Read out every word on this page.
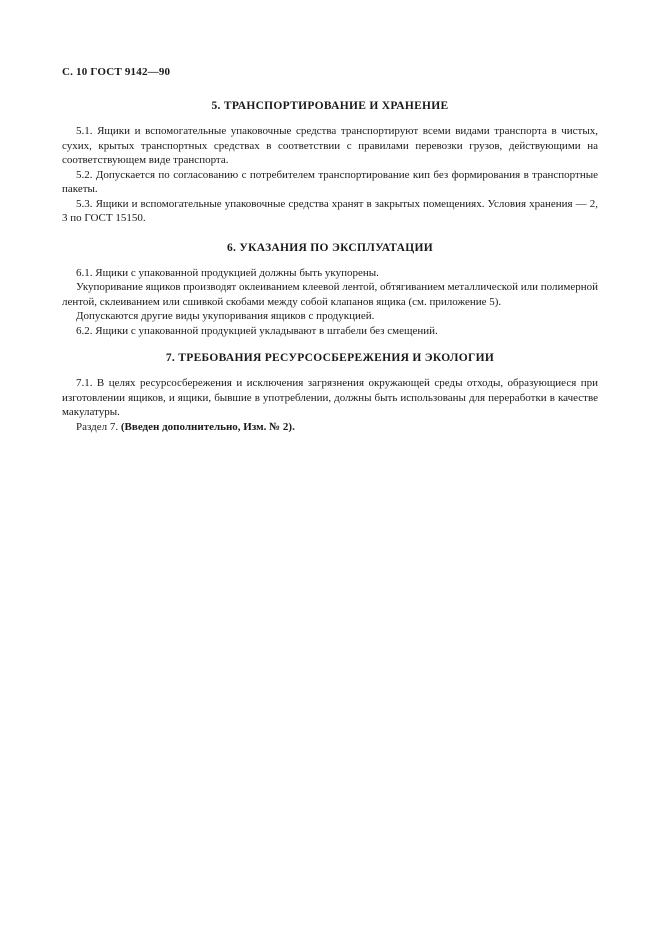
С. 10 ГОСТ 9142—90
5. ТРАНСПОРТИРОВАНИЕ И ХРАНЕНИЕ

5.1. Ящики и вспомогательные упаковочные средства транспортируют всеми видами транспорта в чистых, сухих, крытых транспортных средствах в соответствии с правилами перевозки грузов, действующими на соответствующем виде транспорта.

5.2. Допускается по согласованию с потребителем транспортирование кип без формирования в транспортные пакеты.

5.3. Ящики и вспомогательные упаковочные средства хранят в закрытых помещениях. Условия хранения — 2, 3 по ГОСТ 15150.

6. УКАЗАНИЯ ПО ЭКСПЛУАТАЦИИ

6.1. Ящики с упакованной продукцией должны быть укупорены.

Укупоривание ящиков производят оклеиванием клеевой лентой, обтягиванием металлической или полимерной лентой, склеиванием или сшивкой скобами между собой клапанов ящика (см. приложение 5).

Допускаются другие виды укупоривания ящиков с продукцией.

6.2. Ящики с упакованной продукцией укладывают в штабели без смещений.

7. ТРЕБОВАНИЯ РЕСУРСОСБЕРЕЖЕНИЯ И ЭКОЛОГИИ

7.1. В целях ресурсосбережения и исключения загрязнения окружающей среды отходы, образующиеся при изготовлении ящиков, и ящики, бывшие в употреблении, должны быть использованы для переработки в качестве макулатуры.

Раздел 7. (Введен дополнительно, Изм. № 2).
